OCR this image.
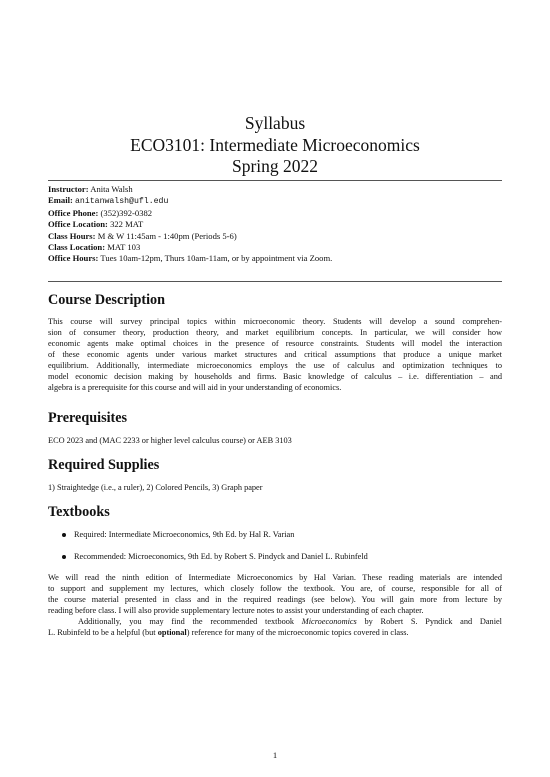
Syllabus
ECO3101: Intermediate Microeconomics
Spring 2022
Instructor: Anita Walsh
Email: anitanwalsh@ufl.edu
Office Phone: (352)392-0382
Office Location: 322 MAT
Class Hours: M & W 11:45am - 1:40pm (Periods 5-6)
Class Location: MAT 103
Office Hours: Tues 10am-12pm, Thurs 10am-11am, or by appointment via Zoom.
Course Description
This course will survey principal topics within microeconomic theory. Students will develop a sound comprehen-
sion of consumer theory, production theory, and market equilibrium concepts. In particular, we will consider how
economic agents make optimal choices in the presence of resource constraints. Students will model the interaction
of these economic agents under various market structures and critical assumptions that produce a unique market
equilibrium. Additionally, intermediate microeconomics employs the use of calculus and optimization techniques to
model economic decision making by households and firms. Basic knowledge of calculus – i.e. differentiation – and
algebra is a prerequisite for this course and will aid in your understanding of economics.
Prerequisites

ECO 2023 and (MAC 2233 or higher level calculus course) or AEB 3103

Required Supplies

1) Straightedge (i.e., a ruler), 2) Colored Pencils, 3) Graph paper

Textbooks
Required: Intermediate Microeconomics, 9th Ed. by Hal R. Varian
Recommended: Microeconomics, 9th Ed. by Robert S. Pindyck and Daniel L. Rubinfeld
We will read the ninth edition of Intermediate Microeconomics by Hal Varian. These reading materials are intended
to support and supplement my lectures, which closely follow the textbook. You are, of course, responsible for all of
the course material presented in class and in the required readings (see below). You will gain more from lecture by
reading before class. I will also provide supplementary lecture notes to assist your understanding of each chapter.
Additionally, you may find the recommended textbook Microeconomics by Robert S. Pyndick and Daniel
L. Rubinfeld to be a helpful (but optional) reference for many of the microeconomic topics covered in class.
1
